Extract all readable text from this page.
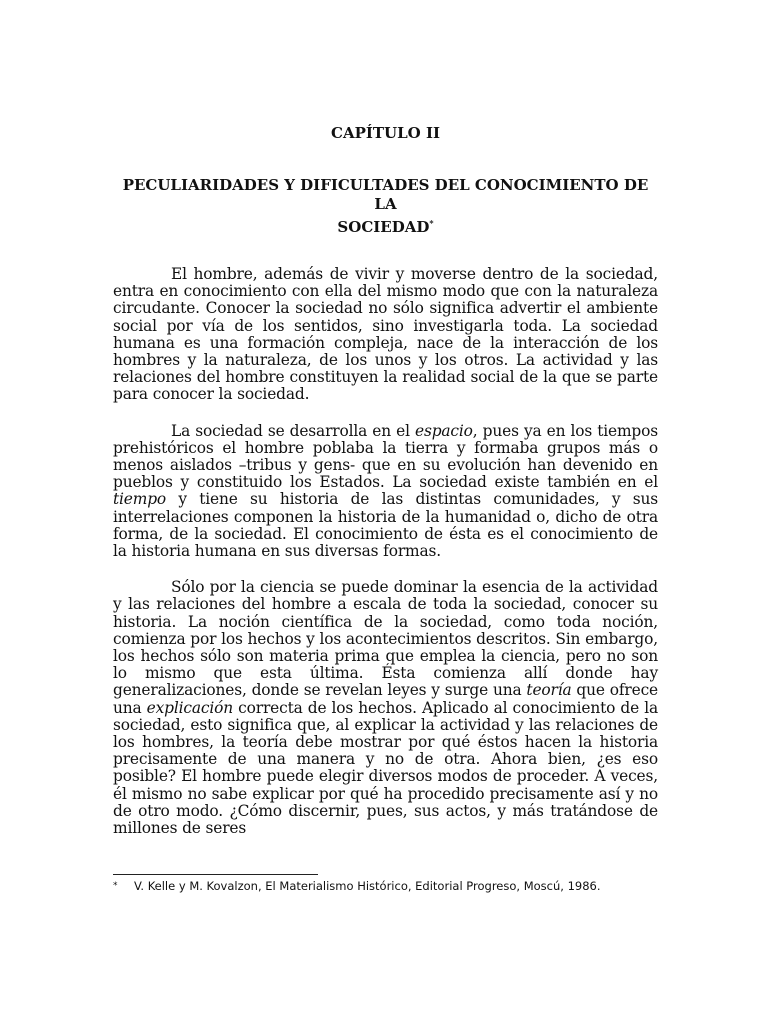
CAPÍTULO II

PECULIARIDADES Y DIFICULTADES DEL CONOCIMIENTO DE LA
SOCIEDAD*

El hombre, además de vivir y moverse dentro de la sociedad, entra en conocimiento con ella del mismo modo que con la naturaleza circudante. Conocer la sociedad no sólo significa advertir el ambiente social por vía de los sentidos, sino investigarla toda. La sociedad humana es una formación compleja, nace de la interacción de los hombres y la naturaleza, de los unos y los otros. La actividad y las relaciones del hombre constituyen la realidad social de la que se parte para conocer la sociedad.

La sociedad se desarrolla en el espacio, pues ya en los tiempos prehistóricos el hombre poblaba la tierra y formaba grupos más o menos aislados –tribus y gens- que en su evolución han devenido en pueblos y constituido los Estados. La sociedad existe también en el tiempo y tiene su historia de las distintas comunidades, y sus interrelaciones componen la historia de la humanidad o, dicho de otra forma, de la sociedad. El conocimiento de ésta es el conocimiento de la historia humana en sus diversas formas.

Sólo por la ciencia se puede dominar la esencia de la actividad y las relaciones del hombre a escala de toda la sociedad, conocer su historia. La noción científica de la sociedad, como toda noción, comienza por los hechos y los acontecimientos descritos. Sin embargo, los hechos sólo son materia prima que emplea la ciencia, pero no son lo mismo que esta última. Ésta comienza allí donde hay generalizaciones, donde se revelan leyes y surge una teoría que ofrece una explicación correcta de los hechos. Aplicado al conocimiento de la sociedad, esto significa que, al explicar la actividad y las relaciones de los hombres, la teoría debe mostrar por qué éstos hacen la historia precisamente de una manera y no de otra. Ahora bien, ¿es eso posible? El hombre puede elegir diversos modos de proceder. A veces, él mismo no sabe explicar por qué ha procedido precisamente así y no de otro modo. ¿Cómo discernir, pues, sus actos, y más tratándose de millones de seres

* V. Kelle y M. Kovalzon, El Materialismo Histórico, Editorial Progreso, Moscú, 1986.
